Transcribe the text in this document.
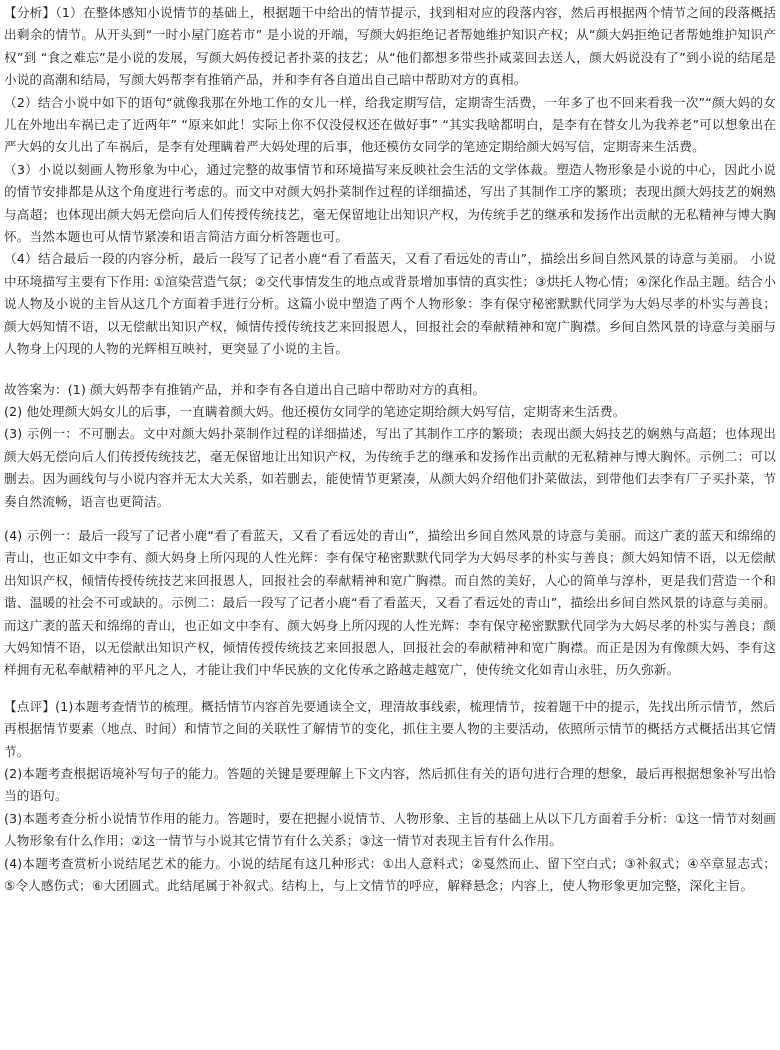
【分析】（1）在整体感知小说情节的基础上，根据题干中给出的情节提示，找到相对应的段落内容，然后再根据两个情节之间的段落概括出剩余的情节。从开头到“一时小屋门庭若市” 是小说的开端，写颜大妈拒绝记者帮她维护知识产权；从“颜大妈拒绝记者帮她维护知识产权”到 “食之难忘”是小说的发展，写颜大妈传授记者扑菜的技艺；从“他们都想多带些扑咸菜回去送人，颜大妈说没有了”到小说的结尾是小说的高潮和结局，写颜大妈帮李有推销产品，并和李有各自道出自己暗中帮助对方的真相。

（2）结合小说中如下的语句“就像我那在外地工作的女儿一样，给我定期写信，定期寄生活费，一年多了也不回来看我一次”“颜大妈的女儿在外地出车祸已走了近两年” “原来如此！实际上你不仅没侵权还在做好事” “其实我啥都明白，是李有在替女儿为我养老”可以想象出在严大妈的女儿出了车祸后，是李有处理瞒着严大妈处理的后事，他还模仿女同学的笔迹定期给颜大妈写信，定期寄来生活费。

（3）小说以刻画人物形象为中心，通过完整的故事情节和环境描写来反映社会生活的文学体裁。塑造人物形象是小说的中心，因此小说的情节安排都是从这个角度进行考虑的。而文中对颜大妈扑菜制作过程的详细描述，写出了其制作工序的繁琐；表现出颜大妈技艺的娴熟与高超；也体现出颜大妈无偿向后人们传授传统技艺，毫无保留地让出知识产权，为传统手艺的继承和发扬作出贡献的无私精神与博大胸怀。当然本题也可从情节紧凑和语言简洁方面分析答题也可。

（4）结合最后一段的内容分析，最后一段写了记者小鹿“看了看蓝天，又看了看远处的青山”，描绘出乡间自然风景的诗意与美丽。 小说中环境描写主要有下作用: ①渲染营造气氛；②交代事情发生的地点或背景增加事情的真实性；③烘托人物心情；④深化作品主题。结合小说人物及小说的主旨从这几个方面着手进行分析。这篇小说中塑造了两个人物形象：李有保守秘密默默代同学为大妈尽孝的朴实与善良；颜大妈知情不语，以无偿献出知识产权，倾情传授传统技艺来回报恩人，回报社会的奉献精神和宽广胸襟。乡间自然风景的诗意与美丽与人物身上闪现的人物的光辉相互映衬，更突显了小说的主旨。

故答案为：(1) 颜大妈帮李有推销产品，并和李有各自道出自己暗中帮助对方的真相。

(2) 他处理颜大妈女儿的后事，一直瞒着颜大妈。他还模仿女同学的笔迹定期给颜大妈写信，定期寄来生活费。

(3) 示例一：不可删去。文中对颜大妈扑菜制作过程的详细描述，写出了其制作工序的繁琐；表现出颜大妈技艺的娴熟与高超；也体现出颜大妈无偿向后人们传授传统技艺，毫无保留地让出知识产权，为传统手艺的继承和发扬作出贡献的无私精神与博大胸怀。示例二：可以删去。因为画线句与小说内容并无太大关系，如若删去，能使情节更紧凑，从颜大妈介绍他们扑菜做法，到带他们去李有厂子买扑菜，节奏自然流畅，语言也更简洁。

(4) 示例一：最后一段写了记者小鹿“看了看蓝天，又看了看远处的青山”，描绘出乡间自然风景的诗意与美丽。而这广袤的蓝天和绵绵的青山，也正如文中李有、颜大妈身上所闪现的人性光辉：李有保守秘密默默代同学为大妈尽孝的朴实与善良；颜大妈知情不语，以无偿献出知识产权，倾情传授传统技艺来回报恩人，回报社会的奉献精神和宽广胸襟。而自然的美好，人心的简单与淳朴，更是我们营造一个和谐、温暖的社会不可或缺的。示例二：最后一段写了记者小鹿“看了看蓝天，又看了看远处的青山”，描绘出乡间自然风景的诗意与美丽。而这广袤的蓝天和绵绵的青山，也正如文中李有、颜大妈身上所闪现的人性光辉：李有保守秘密默默代同学为大妈尽孝的朴实与善良；颜大妈知情不语，以无偿献出知识产权，倾情传授传统技艺来回报恩人，回报社会的奉献精神和宽广胸襟。而正是因为有像颜大妈、李有这样拥有无私奉献精神的平凡之人，才能让我们中华民族的文化传承之路越走越宽广，使传统文化如青山永驻，历久弥新。

【点评】(1)本题考查情节的梳理。概括情节内容首先要通读全文，理清故事线索，梳理情节，按着题干中的提示，先找出所示情节，然后再根据情节要素（地点、时间）和情节之间的关联性了解情节的变化，抓住主要人物的主要活动，依照所示情节的概括方式概括出其它情节。

(2)本题考查根据语境补写句子的能力。答题的关键是要理解上下文内容，然后抓住有关的语句进行合理的想象，最后再根据想象补写出恰当的语句。

(3)本题考查分析小说情节作用的能力。答题时，要在把握小说情节、人物形象、主旨的基础上从以下几方面着手分析：①这一情节对刻画人物形象有什么作用；②这一情节与小说其它情节有什么关系；③这一情节对表现主旨有什么作用。

(4)本题考查赏析小说结尾艺术的能力。小说的结尾有这几种形式：①出人意料式；②戛然而止、留下空白式；③补叙式；④卒章显志式；⑤令人感伤式；⑥大团圆式。此结尾属于补叙式。结构上，与上文情节的呼应，解释悬念；内容上，使人物形象更加完整，深化主旨。
